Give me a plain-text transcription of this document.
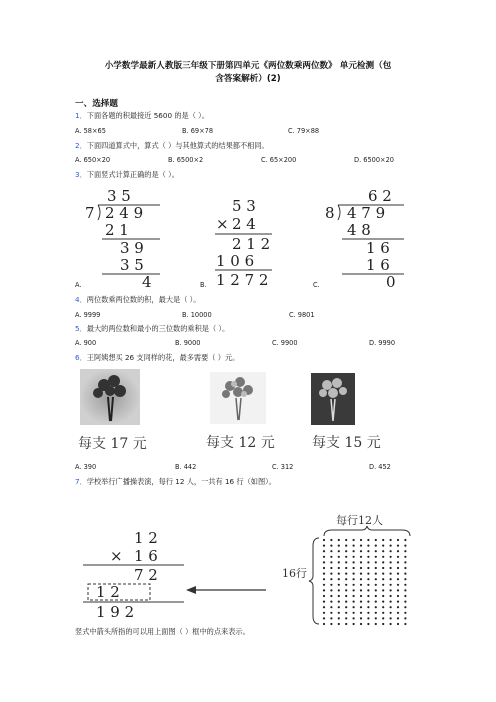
小学数学最新人教版三年级下册第四单元《两位数乘两位数》 单元检测（包
含答案解析）(2)
一、选择题
1．下面各题的积最接近 5600 的是（ ）。
A. 58×65	B. 69×78	C. 79×88
2．下面四道算式中，算式（ ）与其他算式的结果都不相同。
A. 650×20	B. 6500×2	C. 65×200	D. 6500×20
3．下面竖式计算正确的是（ ）。
3 5
7 2 4 9
2 1
3 9
3 5
4
5 3
× 2 4
2 1 2
1 0 6
1 2 7 2
6 2
8 4 7 9
4 8
1 6
1 6
0
A.	B.	C.
4．两位数乘两位数的积，最大是（ ）。
A. 9999	B. 10000	C. 9801
5．最大的两位数和最小的三位数的乘积是（ ）。
A. 900	B. 9000	C. 9900	D. 9990
6．王阿姨想买 26 支同样的花，最多需要（ ）元。
每支 17 元	每支 12 元	每支 15 元
A. 390	B. 442	C. 312	D. 452
7．学校举行广播操表演，每行 12 人，一共有 16 行（如图）。
1 2
× 1 6
7 2
1 2
1 9 2
每行12人
16行
竖式中箭头所指的可以用上面图（ ）框中的点来表示。
